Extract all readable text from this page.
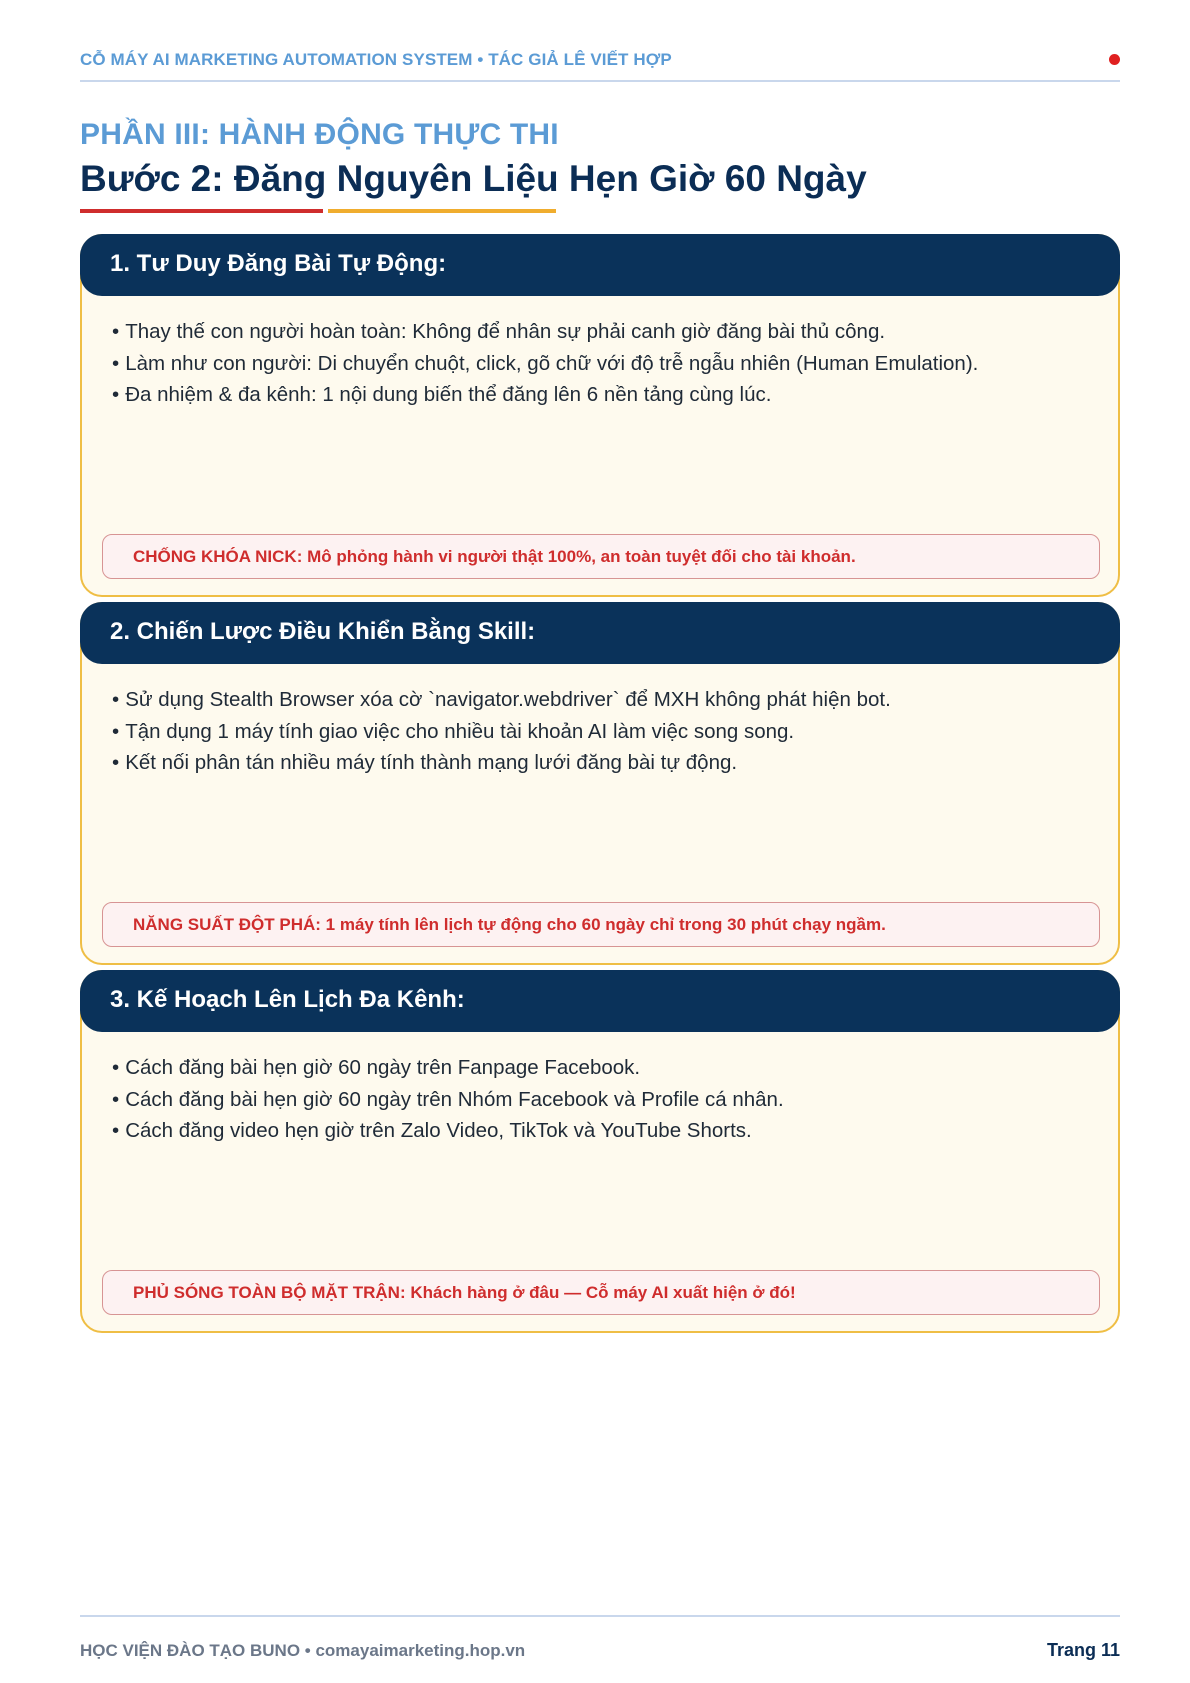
CỖ MÁY AI MARKETING AUTOMATION SYSTEM • TÁC GIẢ LÊ VIẾT HỢP
PHẦN III: HÀNH ĐỘNG THỰC THI
Bước 2: Đăng Nguyên Liệu Hẹn Giờ 60 Ngày
1. Tư Duy Đăng Bài Tự Động:
• Thay thế con người hoàn toàn: Không để nhân sự phải canh giờ đăng bài thủ công.
• Làm như con người: Di chuyển chuột, click, gõ chữ với độ trễ ngẫu nhiên (Human Emulation).
• Đa nhiệm & đa kênh: 1 nội dung biến thể đăng lên 6 nền tảng cùng lúc.
CHỐNG KHÓA NICK: Mô phỏng hành vi người thật 100%, an toàn tuyệt đối cho tài khoản.
2. Chiến Lược Điều Khiển Bằng Skill:
• Sử dụng Stealth Browser xóa cờ `navigator.webdriver` để MXH không phát hiện bot.
• Tận dụng 1 máy tính giao việc cho nhiều tài khoản AI làm việc song song.
• Kết nối phân tán nhiều máy tính thành mạng lưới đăng bài tự động.
NĂNG SUẤT ĐỘT PHÁ: 1 máy tính lên lịch tự động cho 60 ngày chỉ trong 30 phút chạy ngầm.
3. Kế Hoạch Lên Lịch Đa Kênh:
• Cách đăng bài hẹn giờ 60 ngày trên Fanpage Facebook.
• Cách đăng bài hẹn giờ 60 ngày trên Nhóm Facebook và Profile cá nhân.
• Cách đăng video hẹn giờ trên Zalo Video, TikTok và YouTube Shorts.
PHỦ SÓNG TOÀN BỘ MẶT TRẬN: Khách hàng ở đâu — Cỗ máy AI xuất hiện ở đó!
HỌC VIỆN ĐÀO TẠO BUNO • comayaimarketing.hop.vn	Trang 11
